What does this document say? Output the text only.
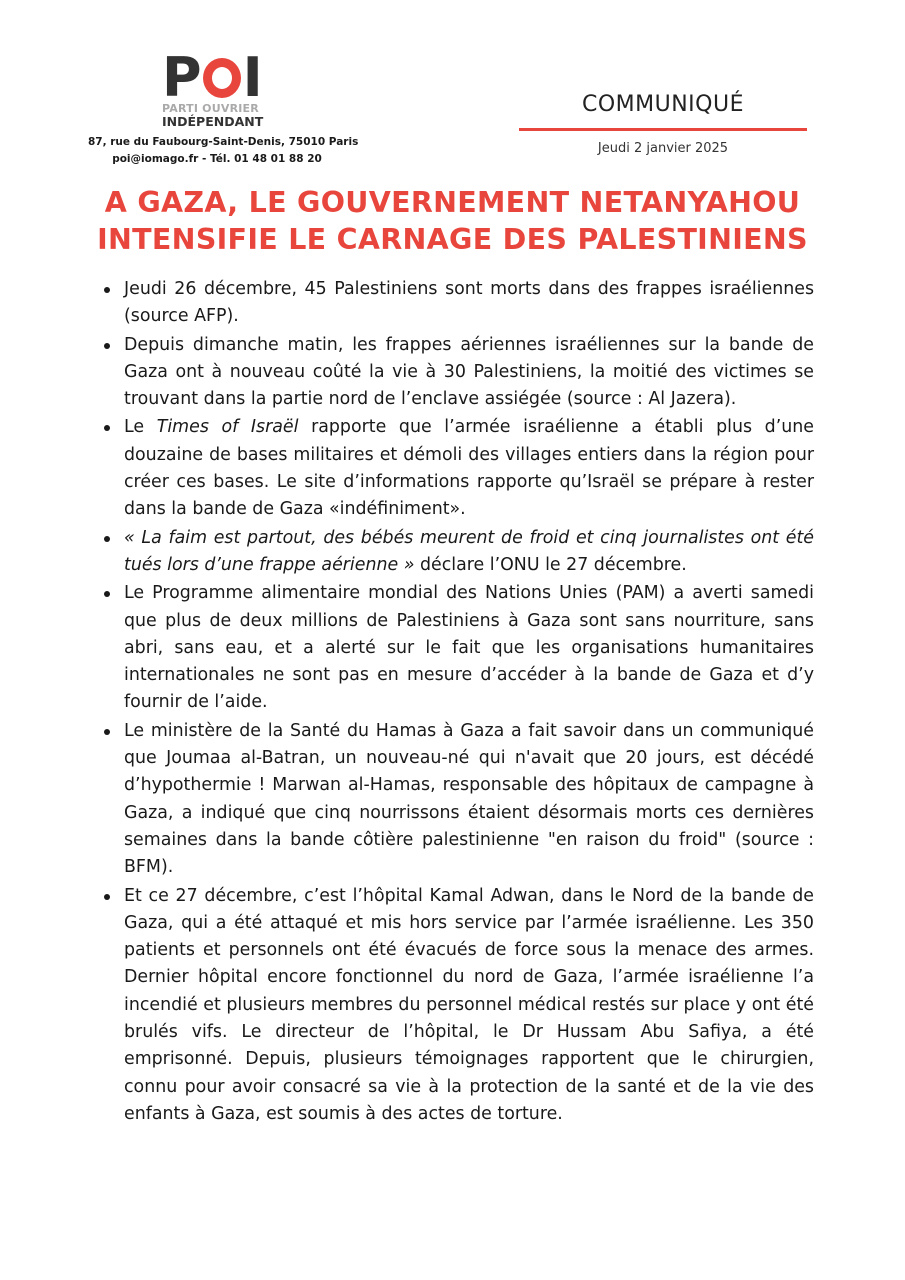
P I
PARTI OUVRIER
INDÉPENDANT
87, rue du Faubourg-Saint-Denis, 75010 Paris
poi@iomago.fr - Tél. 01 48 01 88 20
COMMUNIQUÉ
Jeudi 2 janvier 2025
A GAZA, LE GOUVERNEMENT NETANYAHOU
INTENSIFIE LE CARNAGE DES PALESTINIENS
Jeudi 26 décembre, 45 Palestiniens sont morts dans des frappes israéliennes (source AFP).
Depuis dimanche matin, les frappes aériennes israéliennes sur la bande de Gaza ont à nouveau coûté la vie à 30 Palestiniens, la moitié des victimes se trouvant dans la partie nord de l’enclave assiégée (source : Al Jazera).
Le Times of Israël rapporte que l’armée israélienne a établi plus d’une douzaine de bases militaires et démoli des villages entiers dans la région pour créer ces bases. Le site d’informations rapporte qu’Israël se prépare à rester dans la bande de Gaza «indéfiniment».
« La faim est partout, des bébés meurent de froid et cinq journalistes ont été tués lors d’une frappe aérienne » déclare l’ONU le 27 décembre.
Le Programme alimentaire mondial des Nations Unies (PAM) a averti samedi que plus de deux millions de Palestiniens à Gaza sont sans nourriture, sans abri, sans eau, et a alerté sur le fait que les organisations humanitaires internationales ne sont pas en mesure d’accéder à la bande de Gaza et d’y fournir de l’aide.
Le ministère de la Santé du Hamas à Gaza a fait savoir dans un communiqué que Joumaa al-Batran, un nouveau-né qui n'avait que 20 jours, est décédé d’hypothermie ! Marwan al-Hamas, responsable des hôpitaux de campagne à Gaza, a indiqué que cinq nourrissons étaient désormais morts ces dernières semaines dans la bande côtière palestinienne "en raison du froid" (source : BFM).
Et ce 27 décembre, c’est l’hôpital Kamal Adwan, dans le Nord de la bande de Gaza, qui a été attaqué et mis hors service par l’armée israélienne. Les 350 patients et personnels ont été évacués de force sous la menace des armes. Dernier hôpital encore fonctionnel du nord de Gaza, l’armée israélienne l’a incendié et plusieurs membres du personnel médical restés sur place y ont été brulés vifs. Le directeur de l’hôpital, le Dr Hussam Abu Safiya, a été emprisonné. Depuis, plusieurs témoignages rapportent que le chirurgien, connu pour avoir consacré sa vie à la protection de la santé et de la vie des enfants à Gaza, est soumis à des actes de torture.
